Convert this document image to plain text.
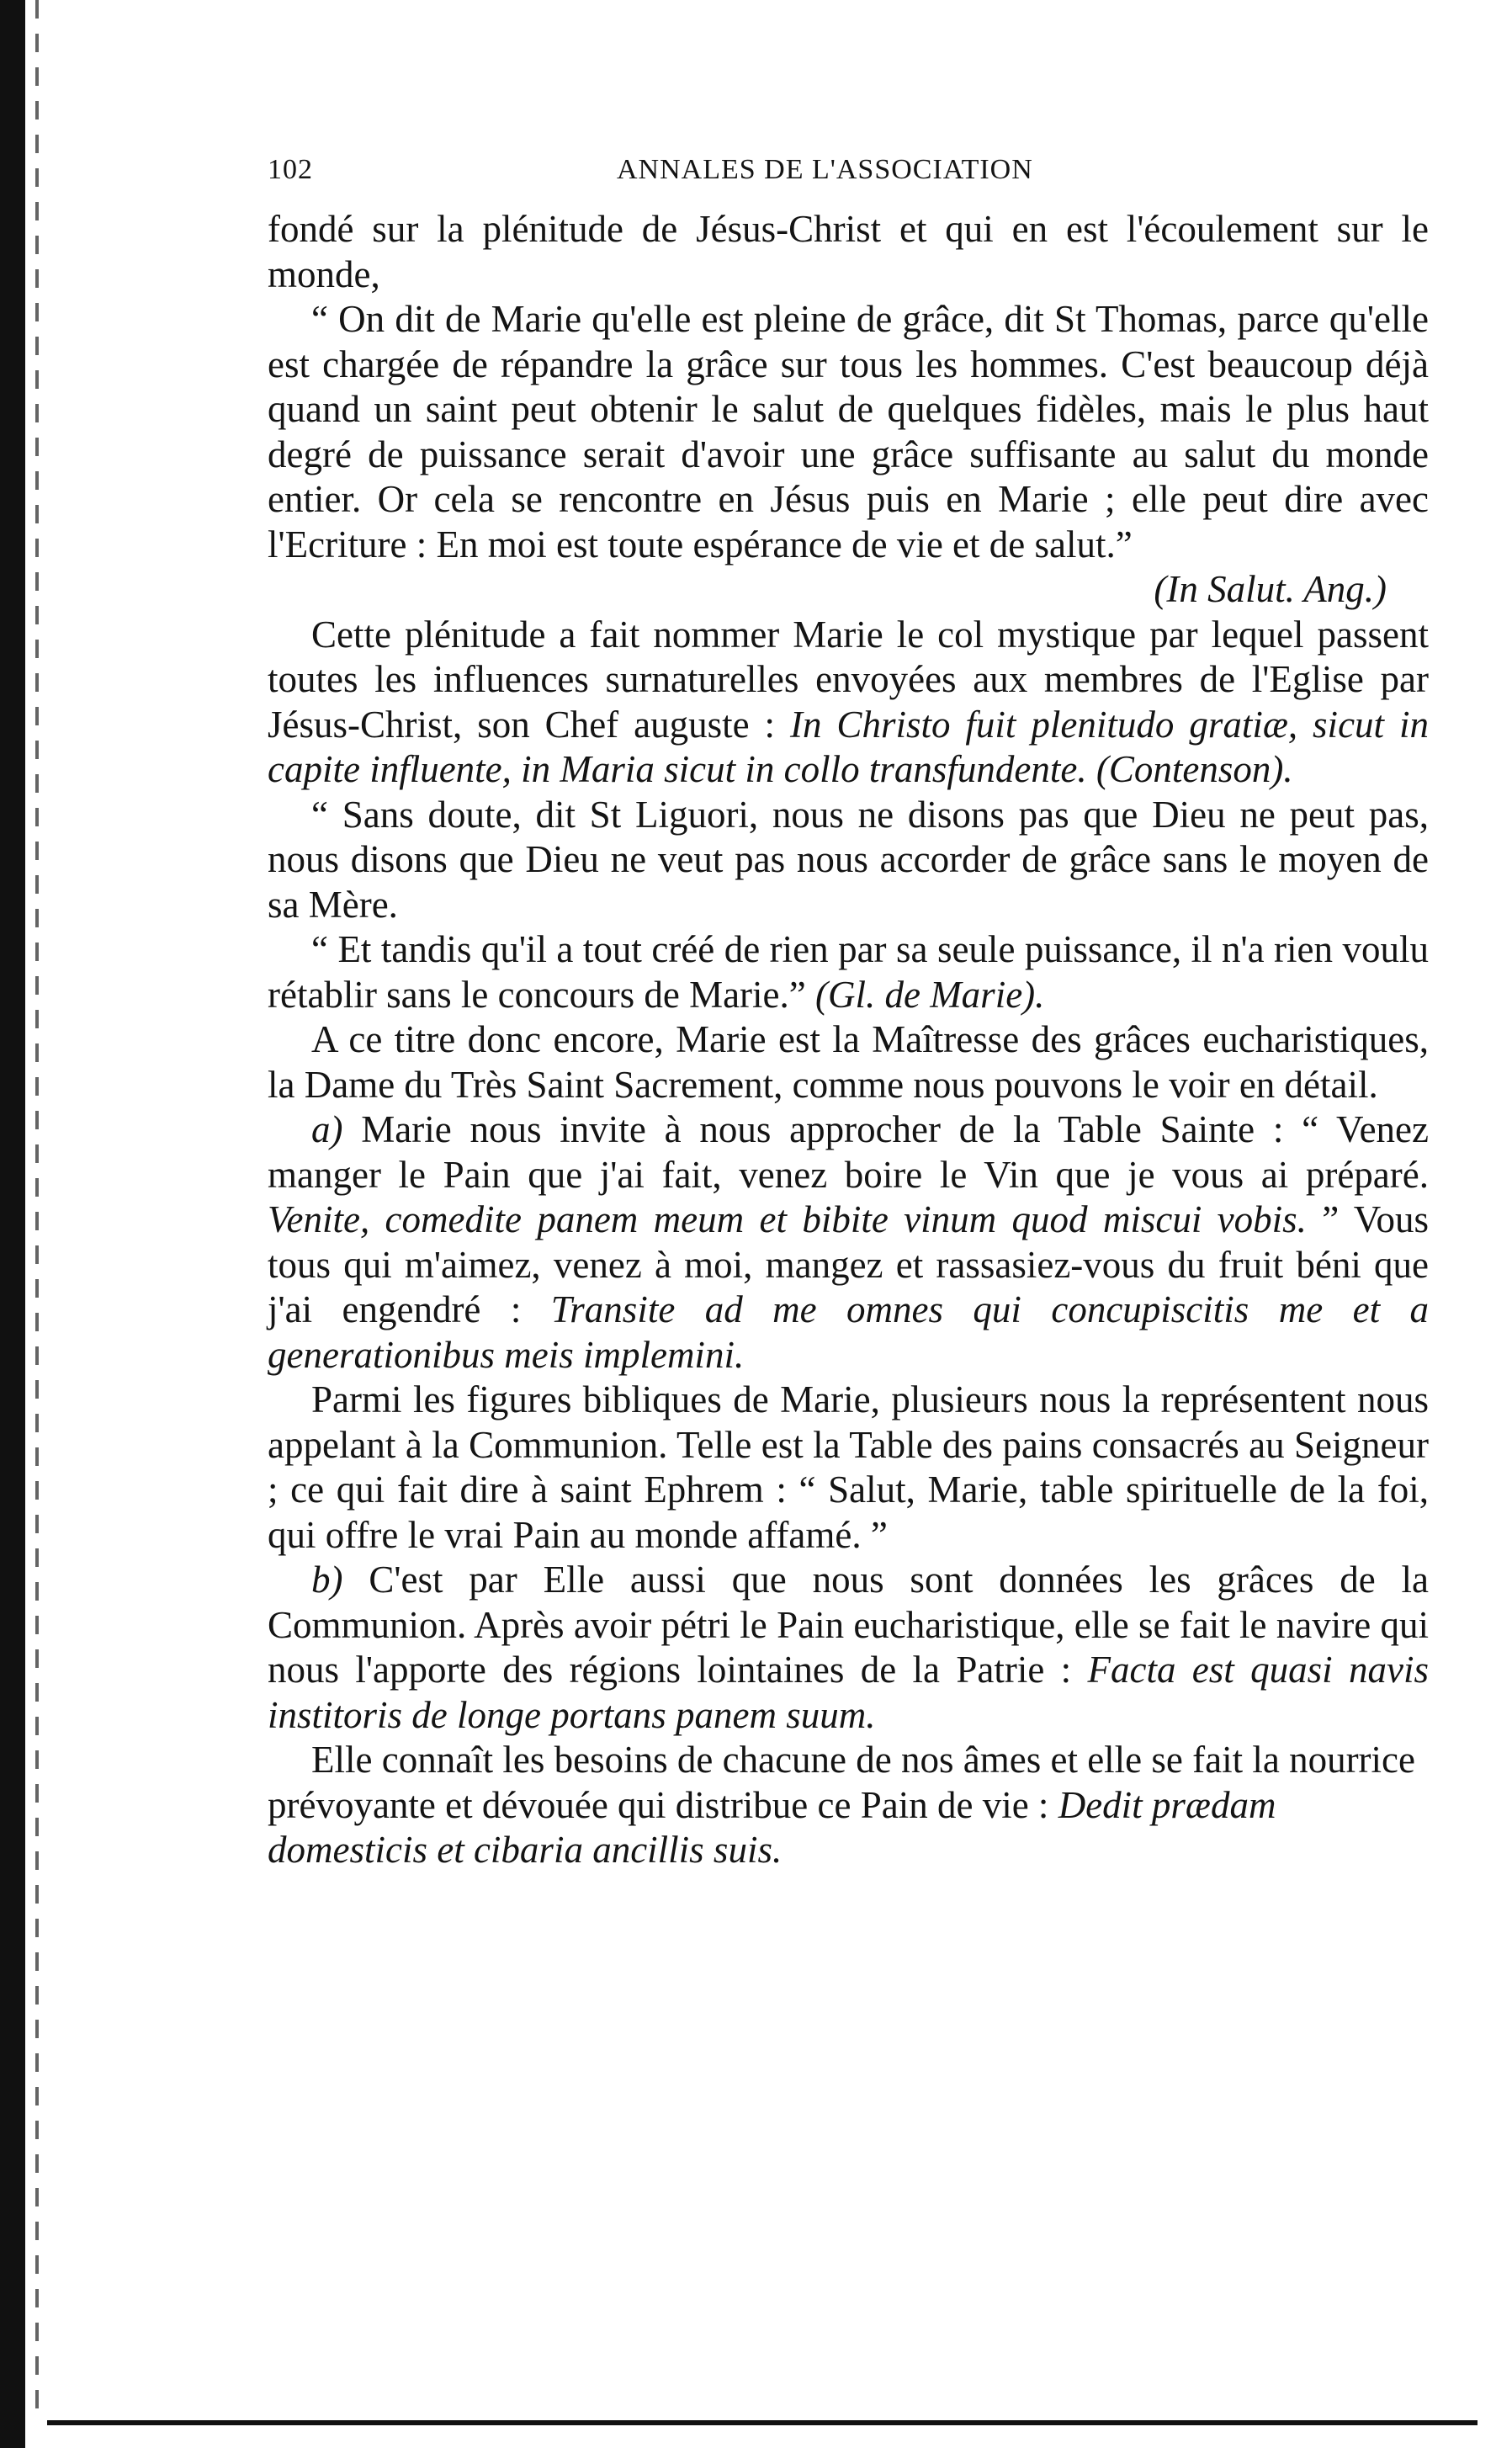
102	ANNALES DE L'ASSOCIATION

fondé sur la plénitude de Jésus-Christ et qui en est l'écoulement sur le monde,

“ On dit de Marie qu'elle est pleine de grâce, dit St Thomas, parce qu'elle est chargée de répandre la grâce sur tous les hommes. C'est beaucoup déjà quand un saint peut obtenir le salut de quelques fidèles, mais le plus haut degré de puissance serait d'avoir une grâce suffisante au salut du monde entier. Or cela se rencontre en Jésus puis en Marie ; elle peut dire avec l'Ecriture : En moi est toute espérance de vie et de salut.”

(In Salut. Ang.)

Cette plénitude a fait nommer Marie le col mystique par lequel passent toutes les influences surnaturelles envoyées aux membres de l'Eglise par Jésus-Christ, son Chef auguste : In Christo fuit plenitudo gratiæ, sicut in capite influente, in Maria sicut in collo transfundente. (Contenson).

“ Sans doute, dit St Liguori, nous ne disons pas que Dieu ne peut pas, nous disons que Dieu ne veut pas nous accorder de grâce sans le moyen de sa Mère.

“ Et tandis qu'il a tout créé de rien par sa seule puissance, il n'a rien voulu rétablir sans le concours de Marie.” (Gl. de Marie).

A ce titre donc encore, Marie est la Maîtresse des grâces eucharistiques, la Dame du Très Saint Sacrement, comme nous pouvons le voir en détail.

a) Marie nous invite à nous approcher de la Table Sainte : “ Venez manger le Pain que j'ai fait, venez boire le Vin que je vous ai préparé. Venite, comedite panem meum et bibite vinum quod miscui vobis. ” Vous tous qui m'aimez, venez à moi, mangez et rassasiez-vous du fruit béni que j'ai engendré : Transite ad me omnes qui concupiscitis me et a generationibus meis implemini.

Parmi les figures bibliques de Marie, plusieurs nous la représentent nous appelant à la Communion. Telle est la Table des pains consacrés au Seigneur ; ce qui fait dire à saint Ephrem : “ Salut, Marie, table spirituelle de la foi, qui offre le vrai Pain au monde affamé. ”

b) C'est par Elle aussi que nous sont données les grâces de la Communion. Après avoir pétri le Pain eucharistique, elle se fait le navire qui nous l'apporte des régions lointaines de la Patrie : Facta est quasi navis institoris de longe portans panem suum.

Elle connaît les besoins de chacune de nos âmes et elle se fait la nourrice prévoyante et dévouée qui distribue ce Pain de vie : Dedit prædam domesticis et cibaria ancillis suis.
